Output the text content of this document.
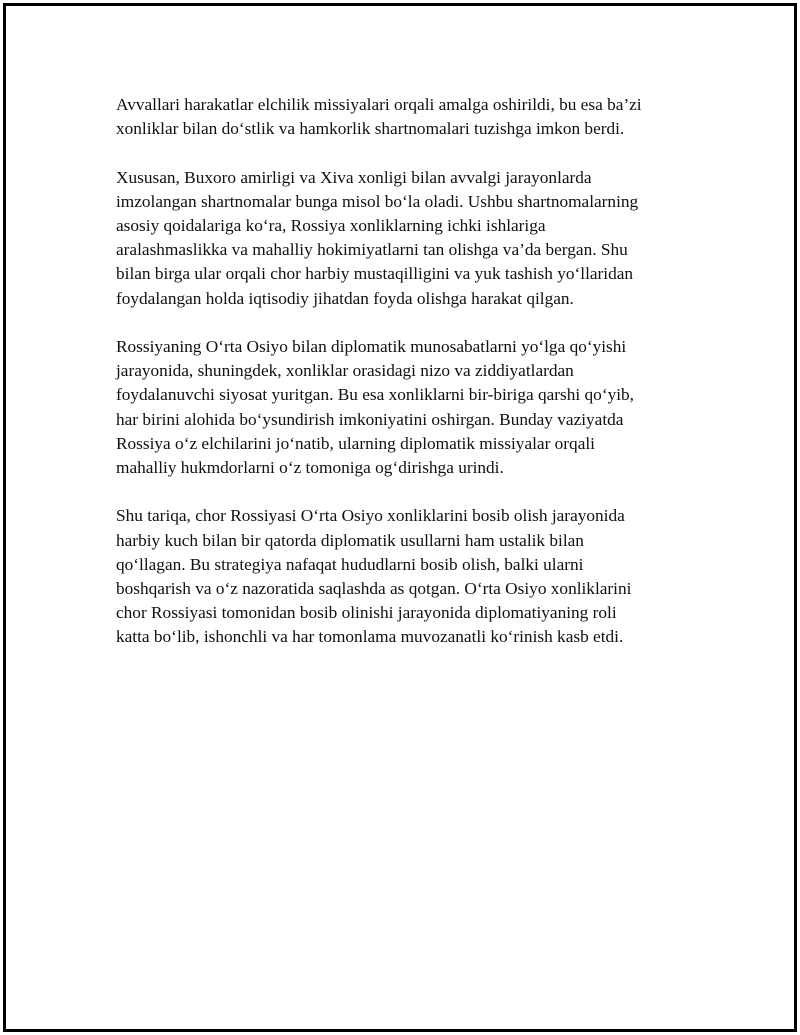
Avvallari harakatlar elchilik missiyalari orqali amalga oshirildi, bu esa ba’zi
xonliklar bilan do‘stlik va hamkorlik shartnomalari tuzishga imkon berdi.

Xususan, Buxoro amirligi va Xiva xonligi bilan avvalgi jarayonlarda
imzolangan shartnomalar bunga misol bo‘la oladi. Ushbu shartnomalarning
asosiy qoidalariga ko‘ra, Rossiya xonliklarning ichki ishlariga
aralashmaslikka va mahalliy hokimiyatlarni tan olishga va’da bergan. Shu
bilan birga ular orqali chor harbiy mustaqilligini va yuk tashish yo‘llaridan
foydalangan holda iqtisodiy jihatdan foyda olishga harakat qilgan.

Rossiyaning O‘rta Osiyo bilan diplomatik munosabatlarni yo‘lga qo‘yishi
jarayonida, shuningdek, xonliklar orasidagi nizo va ziddiyatlardan
foydalanuvchi siyosat yuritgan. Bu esa xonliklarni bir-biriga qarshi qo‘yib,
har birini alohida bo‘ysundirish imkoniyatini oshirgan. Bunday vaziyatda
Rossiya o‘z elchilarini jo‘natib, ularning diplomatik missiyalar orqali
mahalliy hukmdorlarni o‘z tomoniga og‘dirishga urindi.

Shu tariqa, chor Rossiyasi O‘rta Osiyo xonliklarini bosib olish jarayonida
harbiy kuch bilan bir qatorda diplomatik usullarni ham ustalik bilan
qo‘llagan. Bu strategiya nafaqat hududlarni bosib olish, balki ularni
boshqarish va o‘z nazoratida saqlashda as qotgan. O‘rta Osiyo xonliklarini
chor Rossiyasi tomonidan bosib olinishi jarayonida diplomatiyaning roli
katta bo‘lib, ishonchli va har tomonlama muvozanatli ko‘rinish kasb etdi.
